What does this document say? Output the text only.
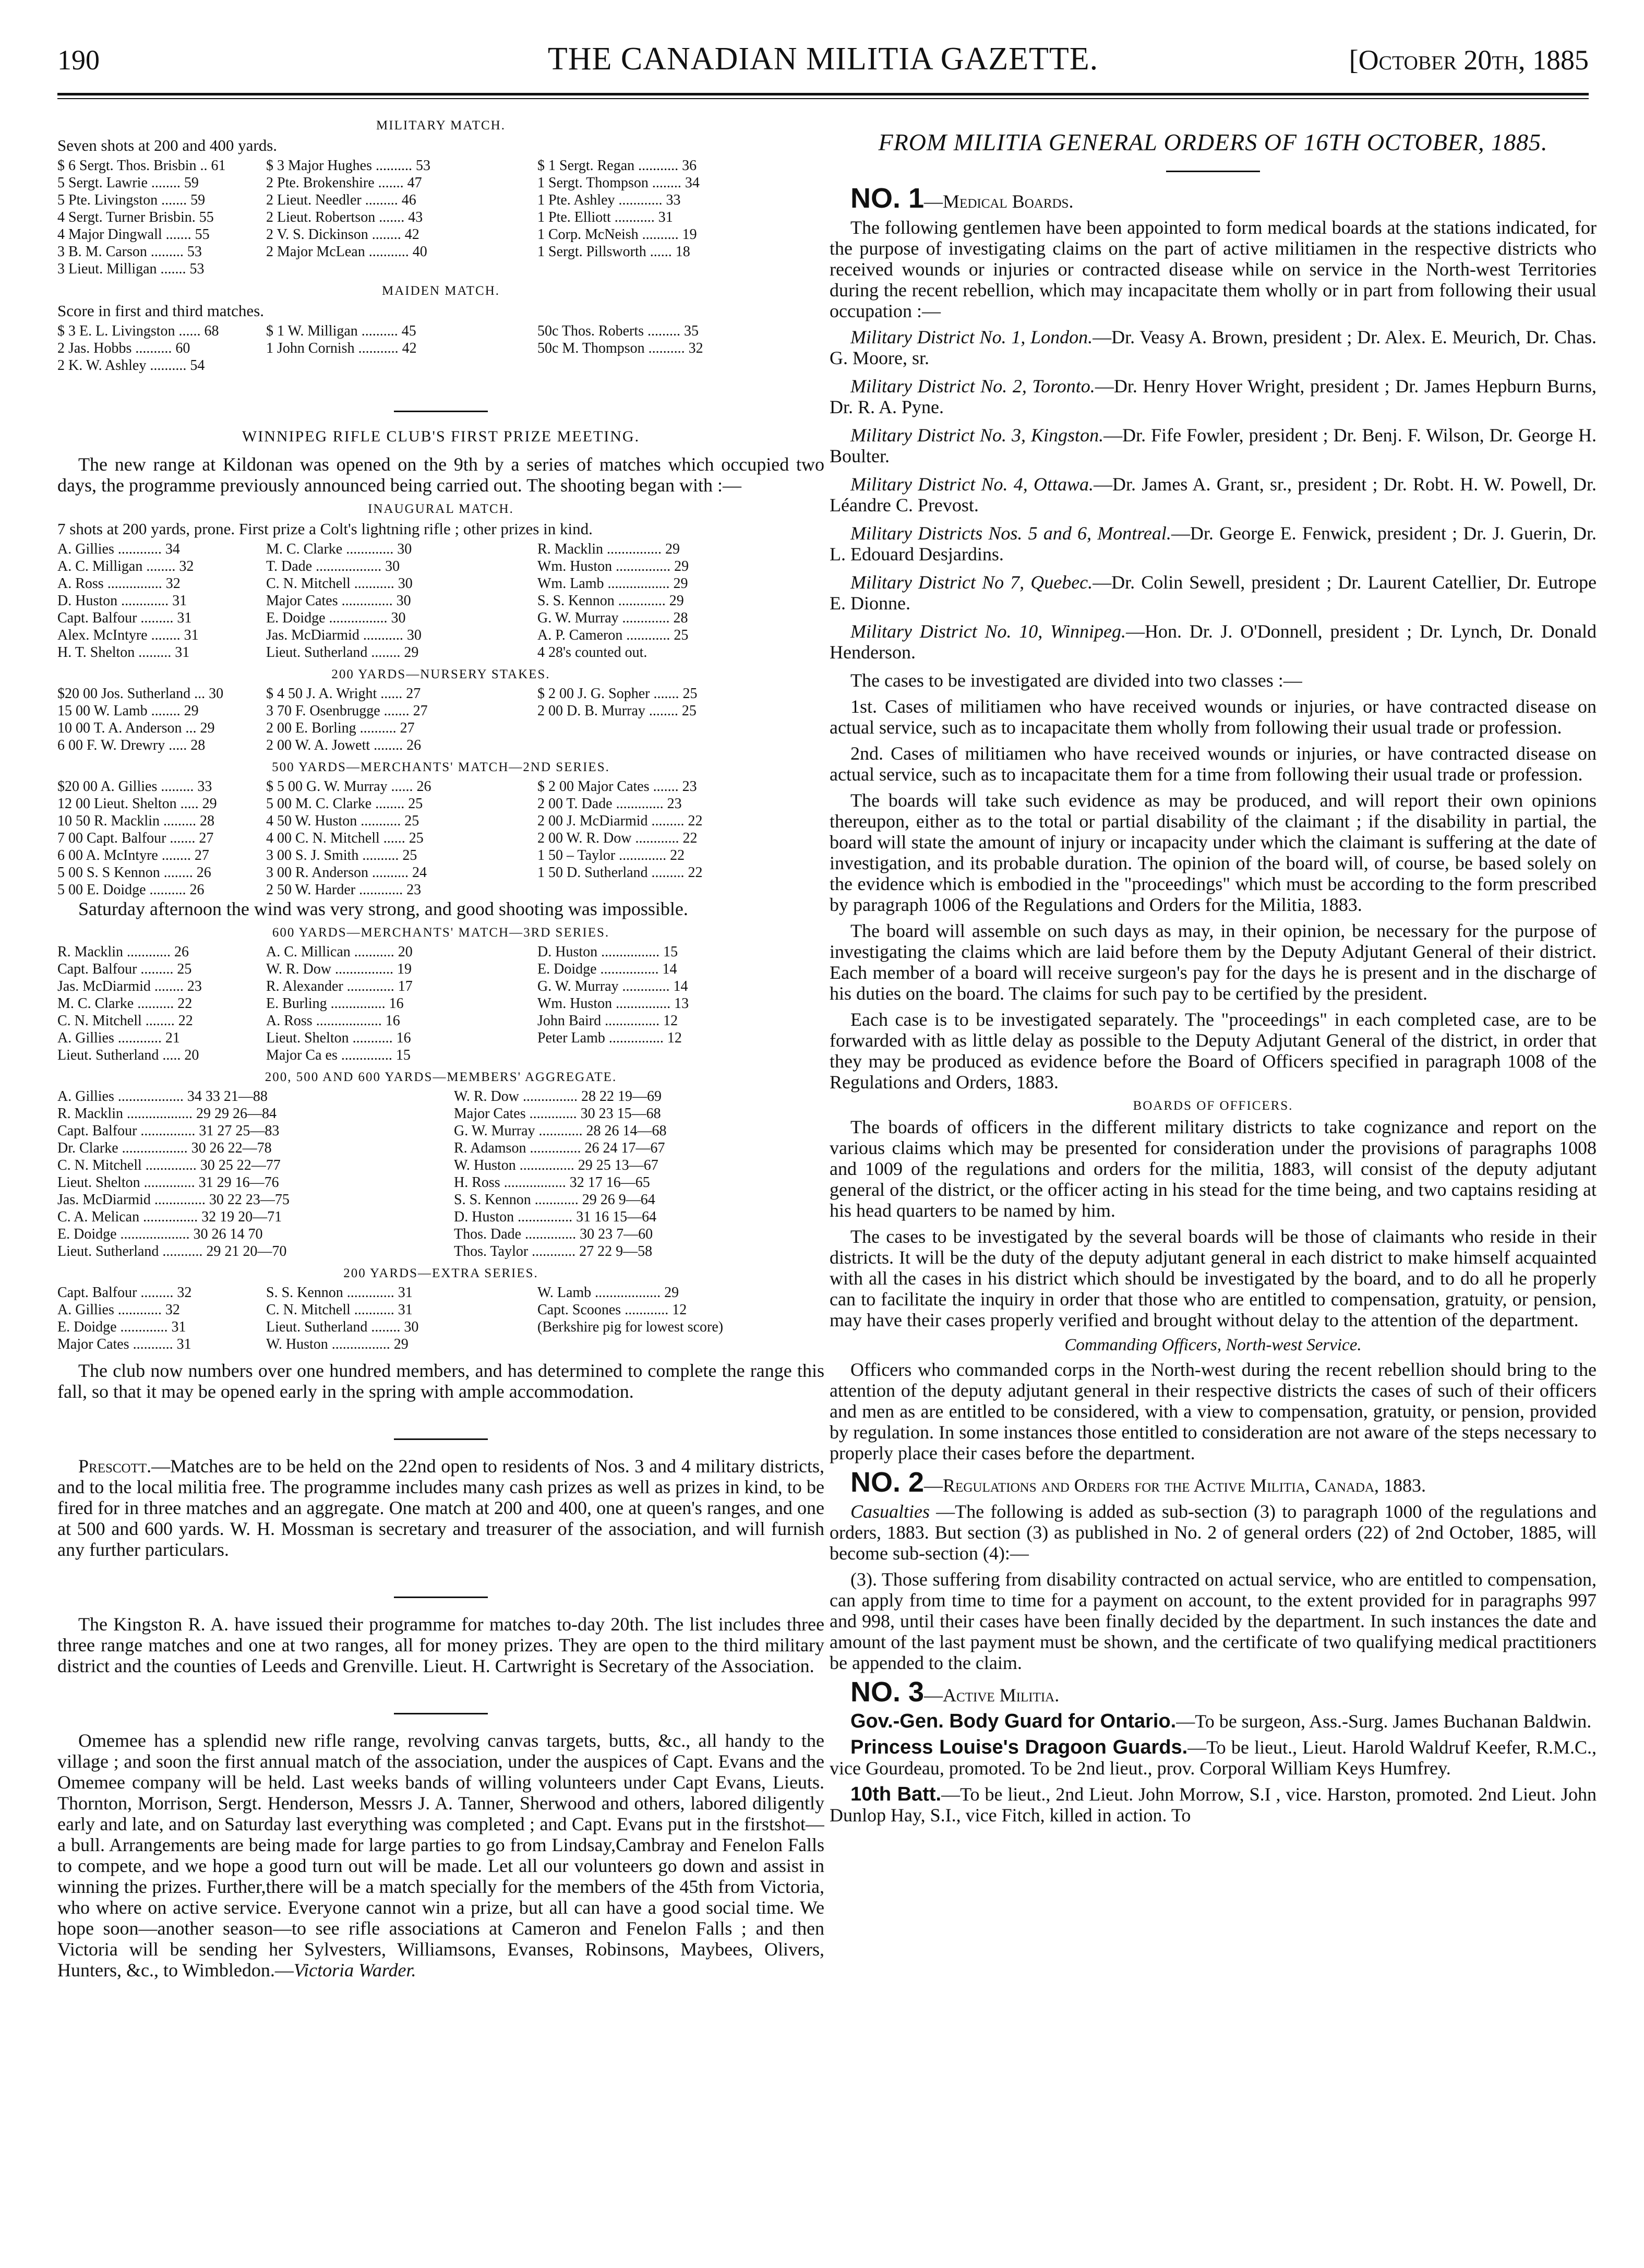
190	THE CANADIAN MILITIA GAZETTE.	[October 20th, 1885
MILITARY MATCH.
Seven shots at 200 and 400 yards.
$ 6 Sergt. Thos. Brisbin .. 61	$ 3 Major Hughes .......... 53	$ 1 Sergt. Regan ........... 36
5 Sergt. Lawrie ........ 59	2 Pte. Brokenshire ....... 47	1 Sergt. Thompson ........ 34
5 Pte. Livingston ....... 59	2 Lieut. Needler ......... 46	1 Pte. Ashley ............ 33
4 Sergt. Turner Brisbin. 55	2 Lieut. Robertson ....... 43	1 Pte. Elliott ........... 31
4 Major Dingwall ....... 55	2 V. S. Dickinson ........ 42	1 Corp. McNeish .......... 19
3 B. M. Carson ......... 53	2 Major McLean ........... 40	1 Sergt. Pillsworth ...... 18
3 Lieut. Milligan ....... 53
MAIDEN MATCH.
Score in first and third matches.
$ 3 E. L. Livingston ...... 68	$ 1 W. Milligan .......... 45	50c Thos. Roberts ......... 35
2 Jas. Hobbs .......... 60	1 John Cornish ........... 42	50c M. Thompson .......... 32
2 K. W. Ashley .......... 54
WINNIPEG RIFLE CLUB'S FIRST PRIZE MEETING.

The new range at Kildonan was opened on the 9th by a series of matches which occupied two days, the programme previously announced being carried out. The shooting began with :—

INAUGURAL MATCH.
7 shots at 200 yards, prone. First prize a Colt's lightning rifle ; other prizes in kind.
A. Gillies ............ 34	M. C. Clarke ............. 30	R. Macklin ............... 29
A. C. Milligan ........ 32	T. Dade .................. 30	Wm. Huston ............... 29
A. Ross ............... 32	C. N. Mitchell ........... 30	Wm. Lamb ................. 29
D. Huston ............. 31	Major Cates .............. 30	S. S. Kennon ............. 29
Capt. Balfour ......... 31	E. Doidge ................ 30	G. W. Murray ............. 28
Alex. McIntyre ........ 31	Jas. McDiarmid ........... 30	A. P. Cameron ............ 25
H. T. Shelton ......... 31	Lieut. Sutherland ........ 29	4 28's counted out.
200 YARDS—NURSERY STAKES.
$20 00 Jos. Sutherland ... 30	$ 4 50 J. A. Wright ...... 27	$ 2 00 J. G. Sopher ....... 25
15 00 W. Lamb ........ 29	3 70 F. Osenbrugge ....... 27	2 00 D. B. Murray ........ 25
10 00 T. A. Anderson ... 29	2 00 E. Borling .......... 27
6 00 F. W. Drewry ..... 28	2 00 W. A. Jowett ........ 26
500 YARDS—MERCHANTS' MATCH—2ND SERIES.
$20 00 A. Gillies ......... 33	$ 5 00 G. W. Murray ...... 26	$ 2 00 Major Cates ....... 23
12 00 Lieut. Shelton ..... 29	5 00 M. C. Clarke ........ 25	2 00 T. Dade ............. 23
10 50 R. Macklin ......... 28	4 50 W. Huston ........... 25	2 00 J. McDiarmid ......... 22
7 00 Capt. Balfour ....... 27	4 00 C. N. Mitchell ...... 25	2 00 W. R. Dow ............ 22
6 00 A. McIntyre ........ 27	3 00 S. J. Smith .......... 25	1 50 – Taylor ............. 22
5 00 S. S Kennon ........ 26	3 00 R. Anderson .......... 24	1 50 D. Sutherland ......... 22
5 00 E. Doidge .......... 26	2 50 W. Harder ............ 23

Saturday afternoon the wind was very strong, and good shooting was impossible.

600 YARDS—MERCHANTS' MATCH—3RD SERIES.
R. Macklin ............ 26	A. C. Millican ........... 20	D. Huston ................ 15
Capt. Balfour ......... 25	W. R. Dow ................ 19	E. Doidge ................ 14
Jas. McDiarmid ........ 23	R. Alexander ............. 17	G. W. Murray ............. 14
M. C. Clarke .......... 22	E. Burling ............... 16	Wm. Huston ............... 13
C. N. Mitchell ........ 22	A. Ross .................. 16	John Baird ............... 12
A. Gillies ............ 21	Lieut. Shelton ........... 16	Peter Lamb ............... 12
Lieut. Sutherland ..... 20	Major Ca es .............. 15
200, 500 AND 600 YARDS—MEMBERS' AGGREGATE.
A. Gillies .................. 34 33 21—88	W. R. Dow ............... 28 22 19—69
R. Macklin .................. 29 29 26—84	Major Cates ............. 30 23 15—68
Capt. Balfour ............... 31 27 25—83	G. W. Murray ............ 28 26 14—68
Dr. Clarke .................. 30 26 22—78	R. Adamson .............. 26 24 17—67
C. N. Mitchell .............. 30 25 22—77	W. Huston ............... 29 25 13—67
Lieut. Shelton .............. 31 29 16—76	H. Ross ................. 32 17 16—65
Jas. McDiarmid .............. 30 22 23—75	S. S. Kennon ............ 29 26 9—64
C. A. Melican ............... 32 19 20—71	D. Huston ............... 31 16 15—64
E. Doidge ................... 30 26 14 70	Thos. Dade .............. 30 23 7—60
Lieut. Sutherland ........... 29 21 20—70	Thos. Taylor ............ 27 22 9—58
200 YARDS—EXTRA SERIES.
Capt. Balfour ......... 32	S. S. Kennon ............. 31	W. Lamb .................. 29
A. Gillies ............ 32	C. N. Mitchell ........... 31	Capt. Scoones ............ 12
E. Doidge ............. 31	Lieut. Sutherland ........ 30	(Berkshire pig for lowest score)
Major Cates ........... 31	W. Huston ................ 29

The club now numbers over one hundred members, and has determined to complete the range this fall, so that it may be opened early in the spring with ample accommodation.

Prescott.—Matches are to be held on the 22nd open to residents of Nos. 3 and 4 military districts, and to the local militia free. The programme includes many cash prizes as well as prizes in kind, to be fired for in three matches and an aggregate. One match at 200 and 400, one at queen's ranges, and one at 500 and 600 yards. W. H. Mossman is secretary and treasurer of the association, and will furnish any further particulars.

The Kingston R. A. have issued their programme for matches to-day 20th. The list includes three three range matches and one at two ranges, all for money prizes. They are open to the third military district and the counties of Leeds and Grenville. Lieut. H. Cartwright is Secretary of the Association.

Omemee has a splendid new rifle range, revolving canvas targets, butts, &c., all handy to the village ; and soon the first annual match of the association, under the auspices of Capt. Evans and the Omemee company will be held. Last weeks bands of willing volunteers under Capt Evans, Lieuts. Thornton, Morrison, Sergt. Henderson, Messrs J. A. Tanner, Sherwood and others, labored diligently early and late, and on Saturday last everything was completed ; and Capt. Evans put in the firstshot—a bull. Arrangements are being made for large parties to go from Lindsay,Cambray and Fenelon Falls to compete, and we hope a good turn out will be made. Let all our volunteers go down and assist in winning the prizes. Further,there will be a match specially for the members of the 45th from Victoria, who where on active service. Everyone cannot win a prize, but all can have a good social time. We hope soon—another season—to see rifle associations at Cameron and Fenelon Falls ; and then Victoria will be sending her Sylvesters, Williamsons, Evanses, Robinsons, Maybees, Olivers, Hunters, &c., to Wimbledon.—Victoria Warder.

FROM MILITIA GENERAL ORDERS OF 16TH OCTOBER, 1885.
NO. 1—Medical Boards.

The following gentlemen have been appointed to form medical boards at the stations indicated, for the purpose of investigating claims on the part of active militiamen in the respective districts who received wounds or injuries or contracted disease while on service in the North-west Territories during the recent rebellion, which may incapacitate them wholly or in part from following their usual occupation :—

Military District No. 1, London.—Dr. Veasy A. Brown, president ; Dr. Alex. E. Meurich, Dr. Chas. G. Moore, sr.

Military District No. 2, Toronto.—Dr. Henry Hover Wright, president ; Dr. James Hepburn Burns, Dr. R. A. Pyne.

Military District No. 3, Kingston.—Dr. Fife Fowler, president ; Dr. Benj. F. Wilson, Dr. George H. Boulter.

Military District No. 4, Ottawa.—Dr. James A. Grant, sr., president ; Dr. Robt. H. W. Powell, Dr. Léandre C. Prevost.

Military Districts Nos. 5 and 6, Montreal.—Dr. George E. Fenwick, president ; Dr. J. Guerin, Dr. L. Edouard Desjardins.

Military District No 7, Quebec.—Dr. Colin Sewell, president ; Dr. Laurent Catellier, Dr. Eutrope E. Dionne.

Military District No. 10, Winnipeg.—Hon. Dr. J. O'Donnell, president ; Dr. Lynch, Dr. Donald Henderson.

The cases to be investigated are divided into two classes :—

1st. Cases of militiamen who have received wounds or injuries, or have contracted disease on actual service, such as to incapacitate them wholly from following their usual trade or profession.

2nd. Cases of militiamen who have received wounds or injuries, or have contracted disease on actual service, such as to incapacitate them for a time from following their usual trade or profession.

The boards will take such evidence as may be produced, and will report their own opinions thereupon, either as to the total or partial disability of the claimant ; if the disability in partial, the board will state the amount of injury or incapacity under which the claimant is suffering at the date of investigation, and its probable duration. The opinion of the board will, of course, be based solely on the evidence which is embodied in the "proceedings" which must be according to the form prescribed by paragraph 1006 of the Regulations and Orders for the Militia, 1883.

The board will assemble on such days as may, in their opinion, be necessary for the purpose of investigating the claims which are laid before them by the Deputy Adjutant General of their district. Each member of a board will receive surgeon's pay for the days he is present and in the discharge of his duties on the board. The claims for such pay to be certified by the president.

Each case is to be investigated separately. The "proceedings" in each completed case, are to be forwarded with as little delay as possible to the Deputy Adjutant General of the district, in order that they may be produced as evidence before the Board of Officers specified in paragraph 1008 of the Regulations and Orders, 1883.

BOARDS OF OFFICERS.

The boards of officers in the different military districts to take cognizance and report on the various claims which may be presented for consideration under the provisions of paragraphs 1008 and 1009 of the regulations and orders for the militia, 1883, will consist of the deputy adjutant general of the district, or the officer acting in his stead for the time being, and two captains residing at his head quarters to be named by him.

The cases to be investigated by the several boards will be those of claimants who reside in their districts. It will be the duty of the deputy adjutant general in each district to make himself acquainted with all the cases in his district which should be investigated by the board, and to do all he properly can to facilitate the inquiry in order that those who are entitled to compensation, gratuity, or pension, may have their cases properly verified and brought without delay to the attention of the department.

Commanding Officers, North-west Service.

Officers who commanded corps in the North-west during the recent rebellion should bring to the attention of the deputy adjutant general in their respective districts the cases of such of their officers and men as are entitled to be considered, with a view to compensation, gratuity, or pension, provided by regulation. In some instances those entitled to consideration are not aware of the steps necessary to properly place their cases before the department.

NO. 2—Regulations and Orders for the Active Militia, Canada, 1883.

Casualties —The following is added as sub-section (3) to paragraph 1000 of the regulations and orders, 1883. But section (3) as published in No. 2 of general orders (22) of 2nd October, 1885, will become sub-section (4):—

(3). Those suffering from disability contracted on actual service, who are entitled to compensation, can apply from time to time for a payment on account, to the extent provided for in paragraphs 997 and 998, until their cases have been finally decided by the department. In such instances the date and amount of the last payment must be shown, and the certificate of two qualifying medical practitioners be appended to the claim.

NO. 3—Active Militia.

Gov.-Gen. Body Guard for Ontario.—To be surgeon, Ass.-Surg. James Buchanan Baldwin.

Princess Louise's Dragoon Guards.—To be lieut., Lieut. Harold Waldruf Keefer, R.M.C., vice Gourdeau, promoted. To be 2nd lieut., prov. Corporal William Keys Humfrey.

10th Batt.—To be lieut., 2nd Lieut. John Morrow, S.I , vice. Harston, promoted. 2nd Lieut. John Dunlop Hay, S.I., vice Fitch, killed in action. To
